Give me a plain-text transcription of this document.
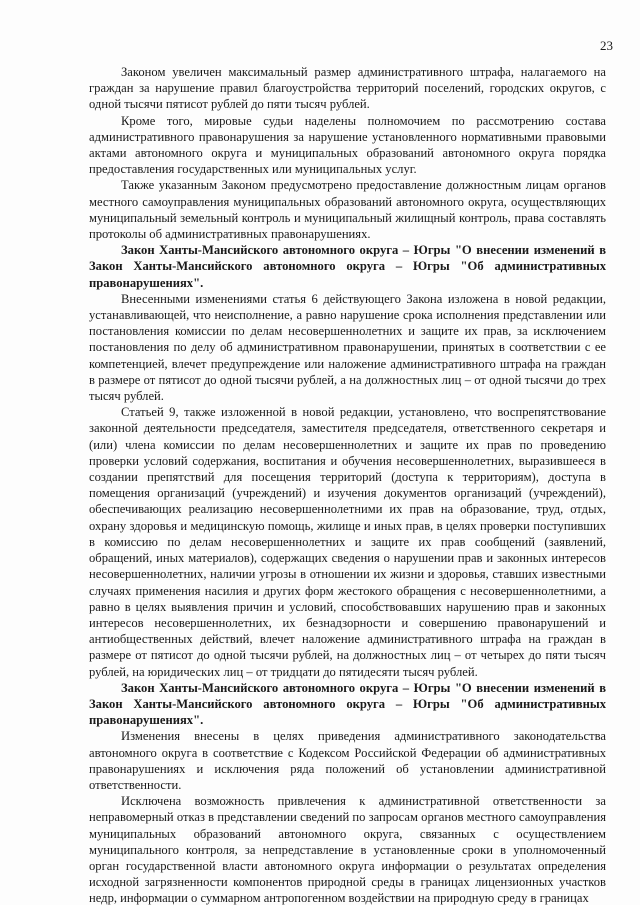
23

Законом увеличен максимальный размер административного штрафа, налагаемого на граждан за нарушение правил благоустройства территорий поселений, городских округов, с одной тысячи пятисот рублей до пяти тысяч рублей.

Кроме того, мировые судьи наделены полномочием по рассмотрению состава административного правонарушения за нарушение установленного нормативными правовыми актами автономного округа и муниципальных образований автономного округа порядка предоставления государственных или муниципальных услуг.

Также указанным Законом предусмотрено предоставление должностным лицам органов местного самоуправления муниципальных образований автономного округа, осуществляющих муниципальный земельный контроль и муниципальный жилищный контроль, права составлять протоколы об административных правонарушениях.

Закон Ханты-Мансийского автономного округа – Югры "О внесении изменений в Закон Ханты-Мансийского автономного округа – Югры "Об административных правонарушениях".

Внесенными изменениями статья 6 действующего Закона изложена в новой редакции, устанавливающей, что неисполнение, а равно нарушение срока исполнения представлении или постановления комиссии по делам несовершеннолетних и защите их прав, за исключением постановления по делу об административном правонарушении, принятых в соответствии с ее компетенцией, влечет предупреждение или наложение административного штрафа на граждан в размере от пятисот до одной тысячи рублей, а на должностных лиц – от одной тысячи до трех тысяч рублей.

Статьей 9, также изложенной в новой редакции, установлено, что воспрепятствование законной деятельности председателя, заместителя председателя, ответственного секретаря и (или) члена комиссии по делам несовершеннолетних и защите их прав по проведению проверки условий содержания, воспитания и обучения несовершеннолетних, выразившееся в создании препятствий для посещения территорий (доступа к территориям), доступа в помещения организаций (учреждений) и изучения документов организаций (учреждений), обеспечивающих реализацию несовершеннолетними их прав на образование, труд, отдых, охрану здоровья и медицинскую помощь, жилище и иных прав, в целях проверки поступивших в комиссию по делам несовершеннолетних и защите их прав сообщений (заявлений, обращений, иных материалов), содержащих сведения о нарушении прав и законных интересов несовершеннолетних, наличии угрозы в отношении их жизни и здоровья, ставших известными случаях применения насилия и других форм жестокого обращения с несовершеннолетними, а равно в целях выявления причин и условий, способствовавших нарушению прав и законных интересов несовершеннолетних, их безнадзорности и совершению правонарушений и антиобщественных действий, влечет наложение административного штрафа на граждан в размере от пятисот до одной тысячи рублей, на должностных лиц – от четырех до пяти тысяч рублей, на юридических лиц – от тридцати до пятидесяти тысяч рублей.

Закон Ханты-Мансийского автономного округа – Югры "О внесении изменений в Закон Ханты-Мансийского автономного округа – Югры "Об административных правонарушениях".

Изменения внесены в целях приведения административного законодательства автономного округа в соответствие с Кодексом Российской Федерации об административных правонарушениях и исключения ряда положений об установлении административной ответственности.

Исключена возможность привлечения к административной ответственности за неправомерный отказ в представлении сведений по запросам органов местного самоуправления муниципальных образований автономного округа, связанных с осуществлением муниципального контроля, за непредставление в установленные сроки в уполномоченный орган государственной власти автономного округа информации о результатах определения исходной загрязненности компонентов природной среды в границах лицензионных участков недр, информации о суммарном антропогенном воздействии на природную среду в границах
